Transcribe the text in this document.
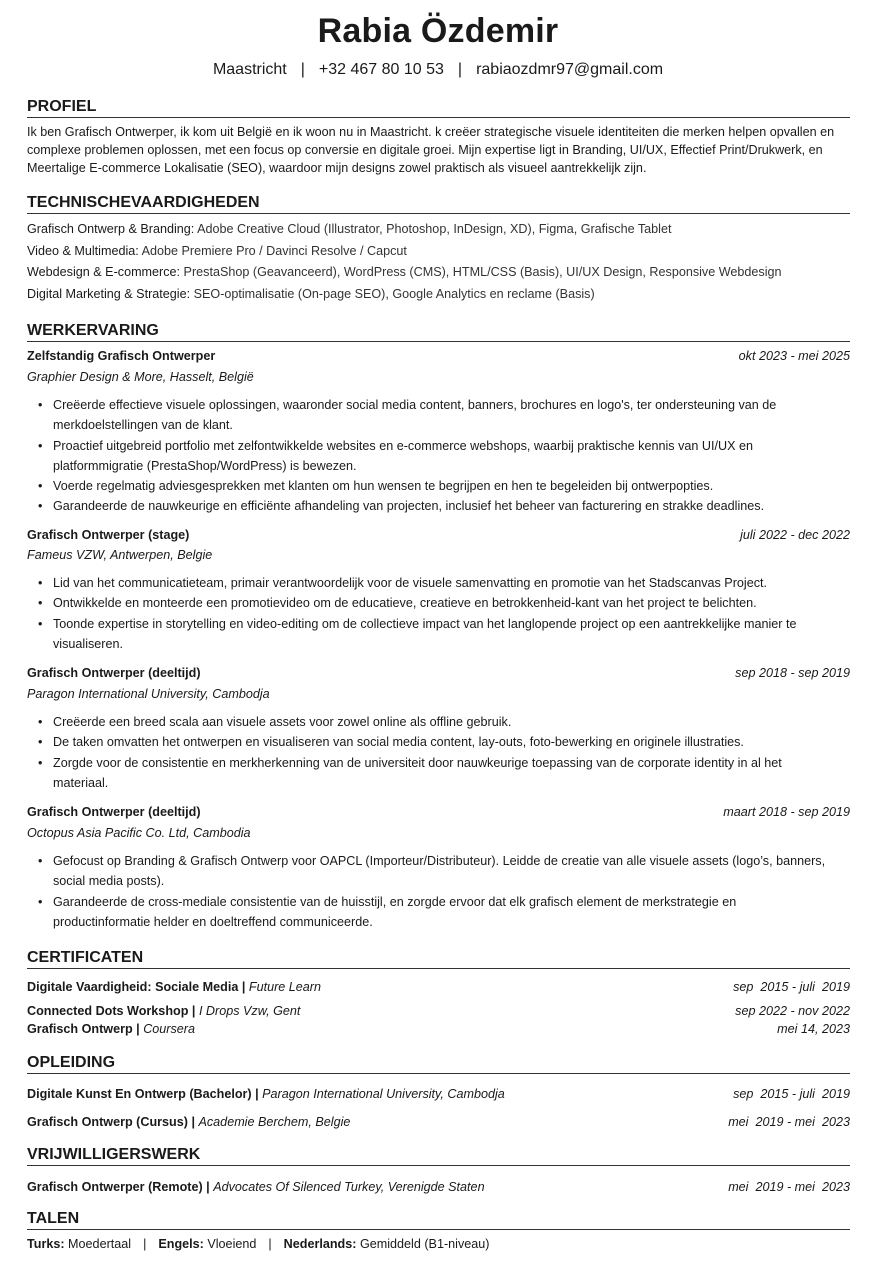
Rabia Özdemir
Maastricht | +32 467 80 10 53 | rabiaozdmr97@gmail.com
PROFIEL
Ik ben Grafisch Ontwerper, ik kom uit België en ik woon nu in Maastricht. k creëer strategische visuele identiteiten die merken helpen opvallen en complexe problemen oplossen, met een focus op conversie en digitale groei. Mijn expertise ligt in Branding, UI/UX, Effectief Print/Drukwerk, en Meertalige E-commerce Lokalisatie (SEO), waardoor mijn designs zowel praktisch als visueel aantrekkelijk zijn.
TECHNISCHEVAARDIGHEDEN
Grafisch Ontwerp & Branding: Adobe Creative Cloud (Illustrator, Photoshop, InDesign, XD), Figma, Grafische Tablet
Video & Multimedia: Adobe Premiere Pro / Davinci Resolve / Capcut
Webdesign & E-commerce: PrestaShop (Geavanceerd), WordPress (CMS), HTML/CSS (Basis), UI/UX Design, Responsive Webdesign
Digital Marketing & Strategie: SEO-optimalisatie (On-page SEO), Google Analytics en reclame (Basis)
WERKERVARING
Zelfstandig Grafisch Ontwerper	okt 2023 - mei 2025
Graphier Design & More, Hasselt, België
• Creëerde effectieve visuele oplossingen, waaronder social media content, banners, brochures en logo's, ter ondersteuning van de merkdoelstellingen van de klant.
• Proactief uitgebreid portfolio met zelfontwikkelde websites en e-commerce webshops, waarbij praktische kennis van UI/UX en platformmigratie (PrestaShop/WordPress) is bewezen.
• Voerde regelmatig adviesgesprekken met klanten om hun wensen te begrijpen en hen te begeleiden bij ontwerpopties.
• Garandeerde de nauwkeurige en efficiënte afhandeling van projecten, inclusief het beheer van facturering en strakke deadlines.
Grafisch Ontwerper (stage)	juli 2022 - dec 2022
Fameus VZW, Antwerpen, Belgie
• Lid van het communicatieteam, primair verantwoordelijk voor de visuele samenvatting en promotie van het Stadscanvas Project.
• Ontwikkelde en monteerde een promotievideo om de educatieve, creatieve en betrokkenheid-kant van het project te belichten.
• Toonde expertise in storytelling en video-editing om de collectieve impact van het langlopende project op een aantrekkelijke manier te visualiseren.
Grafisch Ontwerper (deeltijd)	sep 2018 - sep 2019
Paragon International University, Cambodja
• Creëerde een breed scala aan visuele assets voor zowel online als offline gebruik.
• De taken omvatten het ontwerpen en visualiseren van social media content, lay-outs, foto-bewerking en originele illustraties.
• Zorgde voor de consistentie en merkherkenning van de universiteit door nauwkeurige toepassing van de corporate identity in al het materiaal.
Grafisch Ontwerper (deeltijd)	maart 2018 - sep 2019
Octopus Asia Pacific Co. Ltd, Cambodia
• Gefocust op Branding & Grafisch Ontwerp voor OAPCL (Importeur/Distributeur). Leidde de creatie van alle visuele assets (logo’s, banners, social media posts).
• Garandeerde de cross-mediale consistentie van de huisstijl, en zorgde ervoor dat elk grafisch element de merkstrategie en productinformatie helder en doeltreffend communiceerde.
CERTIFICATEN
Digitale Vaardigheid: Sociale Media | Future Learn	sep  2015 - juli  2019
Connected Dots Workshop | I Drops Vzw, Gent	sep 2022 - nov 2022
Grafisch Ontwerp | Coursera	mei 14, 2023
OPLEIDING
Digitale Kunst En Ontwerp (Bachelor) | Paragon International University, Cambodja	sep  2015 - juli  2019
Grafisch Ontwerp (Cursus) | Academie Berchem, Belgie	mei  2019 - mei  2023
VRIJWILLIGERSWERK
Grafisch Ontwerper (Remote) | Advocates Of Silenced Turkey, Verenigde Staten	mei  2019 - mei  2023
TALEN
Turks: Moedertaal | Engels: Vloeiend | Nederlands: Gemiddeld (B1-niveau)
